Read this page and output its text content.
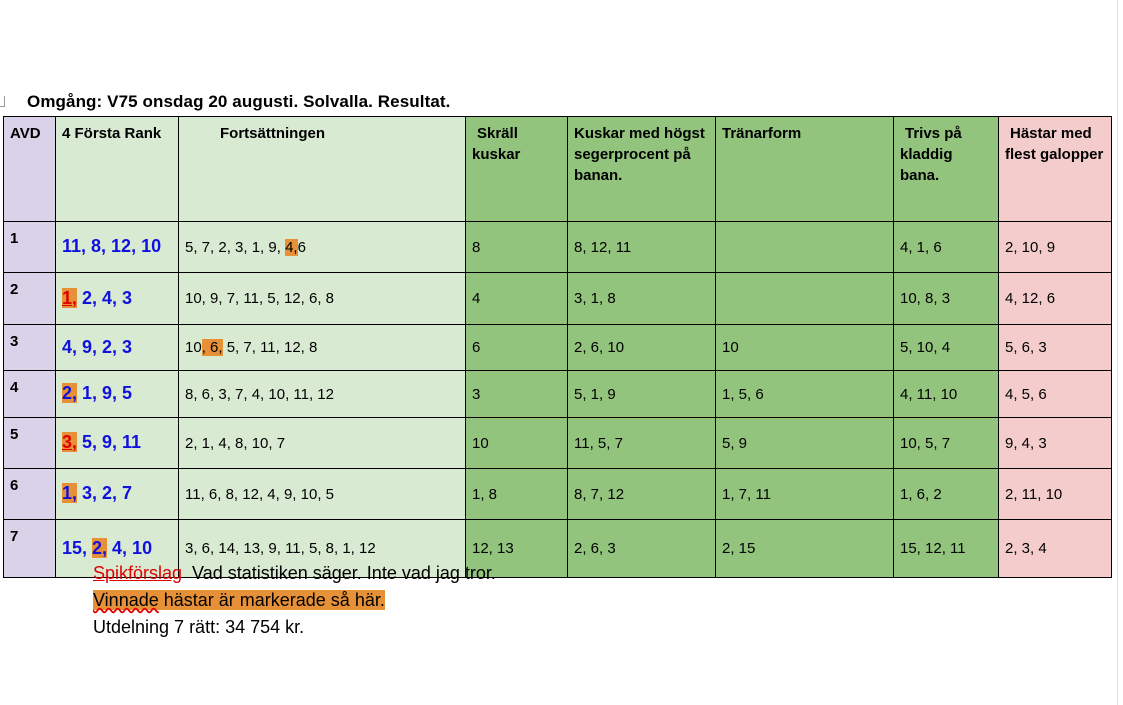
Omgång: V75 onsdag 20 augusti. Solvalla. Resultat.
AVD	4 Första Rank	Fortsättningen	Skräll kuskar	Kuskar med högst segerprocent på banan.	Tränarform	Trivs på kladdig bana.	Hästar med flest galopper

1	11, 8, 12, 10	5, 7, 2, 3, 1, 9, 4,6	8	8, 12, 11		4, 1, 6	2, 10, 9

2	1, 2, 4, 3	10, 9, 7, 11, 5, 12, 6, 8	4	3, 1, 8		10, 8, 3	4, 12, 6

3	4, 9, 2, 3	10, 6, 5, 7, 11, 12, 8	6	2, 6, 10	10	5, 10, 4	5, 6, 3

4	2, 1, 9, 5	8, 6, 3, 7, 4, 10, 11, 12	3	5, 1, 9	1, 5, 6	4, 11, 10	4, 5, 6

5	3, 5, 9, 11	2, 1, 4, 8, 10, 7	10	11, 5, 7	5, 9	10, 5, 7	9, 4, 3

6	1, 3, 2, 7	11, 6, 8, 12, 4, 9, 10, 5	1, 8	8, 7, 12	1, 7, 11	1, 6, 2	2, 11, 10

7	15, 2, 4, 10	3, 6, 14, 13, 9, 11, 5, 8, 1, 12	12, 13	2, 6, 3	2, 15	15, 12, 11	2, 3, 4
Spikförslag  Vad statistiken säger. Inte vad jag tror.
Vinnade hästar är markerade så här.
Utdelning 7 rätt: 34 754 kr.
